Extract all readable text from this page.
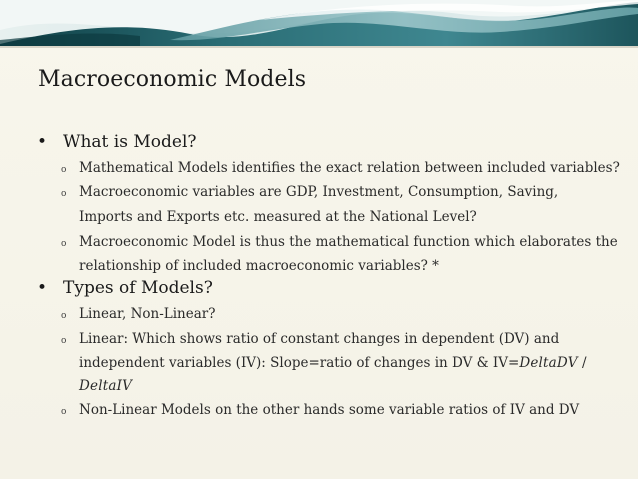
Macroeconomic Models
• What is Model?
o Mathematical Models identifies the exact relation between included variables?
o Macroeconomic variables are GDP, Investment, Consumption, Saving,
Imports and Exports etc. measured at the National Level?
o Macroeconomic Model is thus the mathematical function which elaborates the
relationship of included macroeconomic variables? *
• Types of Models?
o Linear, Non-Linear?
o Linear: Which shows ratio of constant changes in dependent (DV) and
independent variables (IV): Slope=ratio of changes in DV & IV=DeltaDV /
DeltaIV
o Non-Linear Models on the other hands some variable ratios of IV and DV
